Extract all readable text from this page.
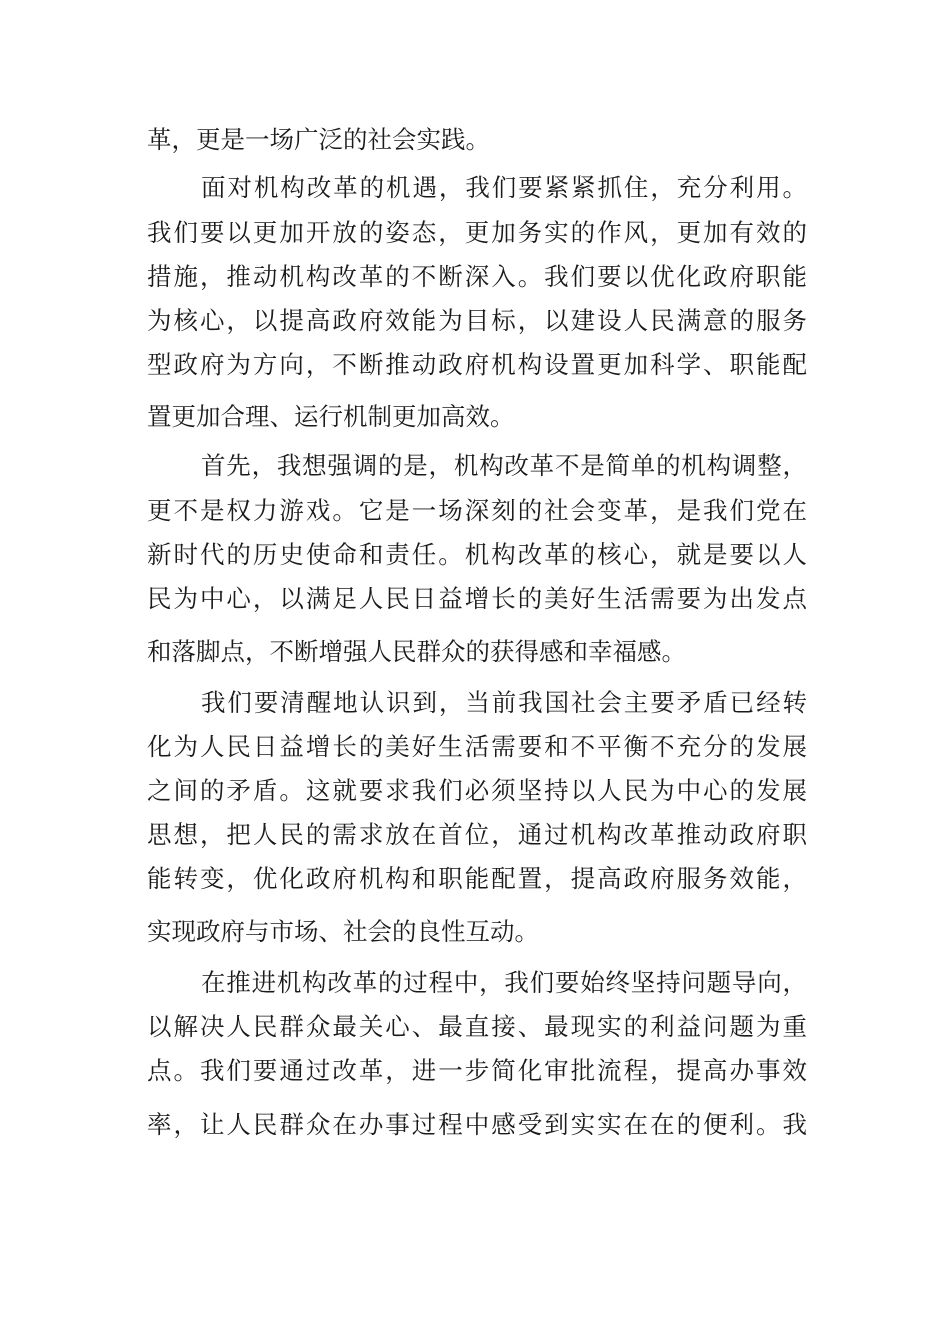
革，更是一场广泛的社会实践。
面对机构改革的机遇，我们要紧紧抓住，充分利用。
我们要以更加开放的姿态，更加务实的作风，更加有效的
措施，推动机构改革的不断深入。我们要以优化政府职能
为核心，以提高政府效能为目标，以建设人民满意的服务
型政府为方向，不断推动政府机构设置更加科学、职能配
置更加合理、运行机制更加高效。
首先，我想强调的是，机构改革不是简单的机构调整，
更不是权力游戏。它是一场深刻的社会变革，是我们党在
新时代的历史使命和责任。机构改革的核心，就是要以人
民为中心，以满足人民日益增长的美好生活需要为出发点
和落脚点，不断增强人民群众的获得感和幸福感。
我们要清醒地认识到，当前我国社会主要矛盾已经转
化为人民日益增长的美好生活需要和不平衡不充分的发展
之间的矛盾。这就要求我们必须坚持以人民为中心的发展
思想，把人民的需求放在首位，通过机构改革推动政府职
能转变，优化政府机构和职能配置，提高政府服务效能，
实现政府与市场、社会的良性互动。
在推进机构改革的过程中，我们要始终坚持问题导向，
以解决人民群众最关心、最直接、最现实的利益问题为重
点。我们要通过改革，进一步简化审批流程，提高办事效
率，让人民群众在办事过程中感受到实实在在的便利。我
